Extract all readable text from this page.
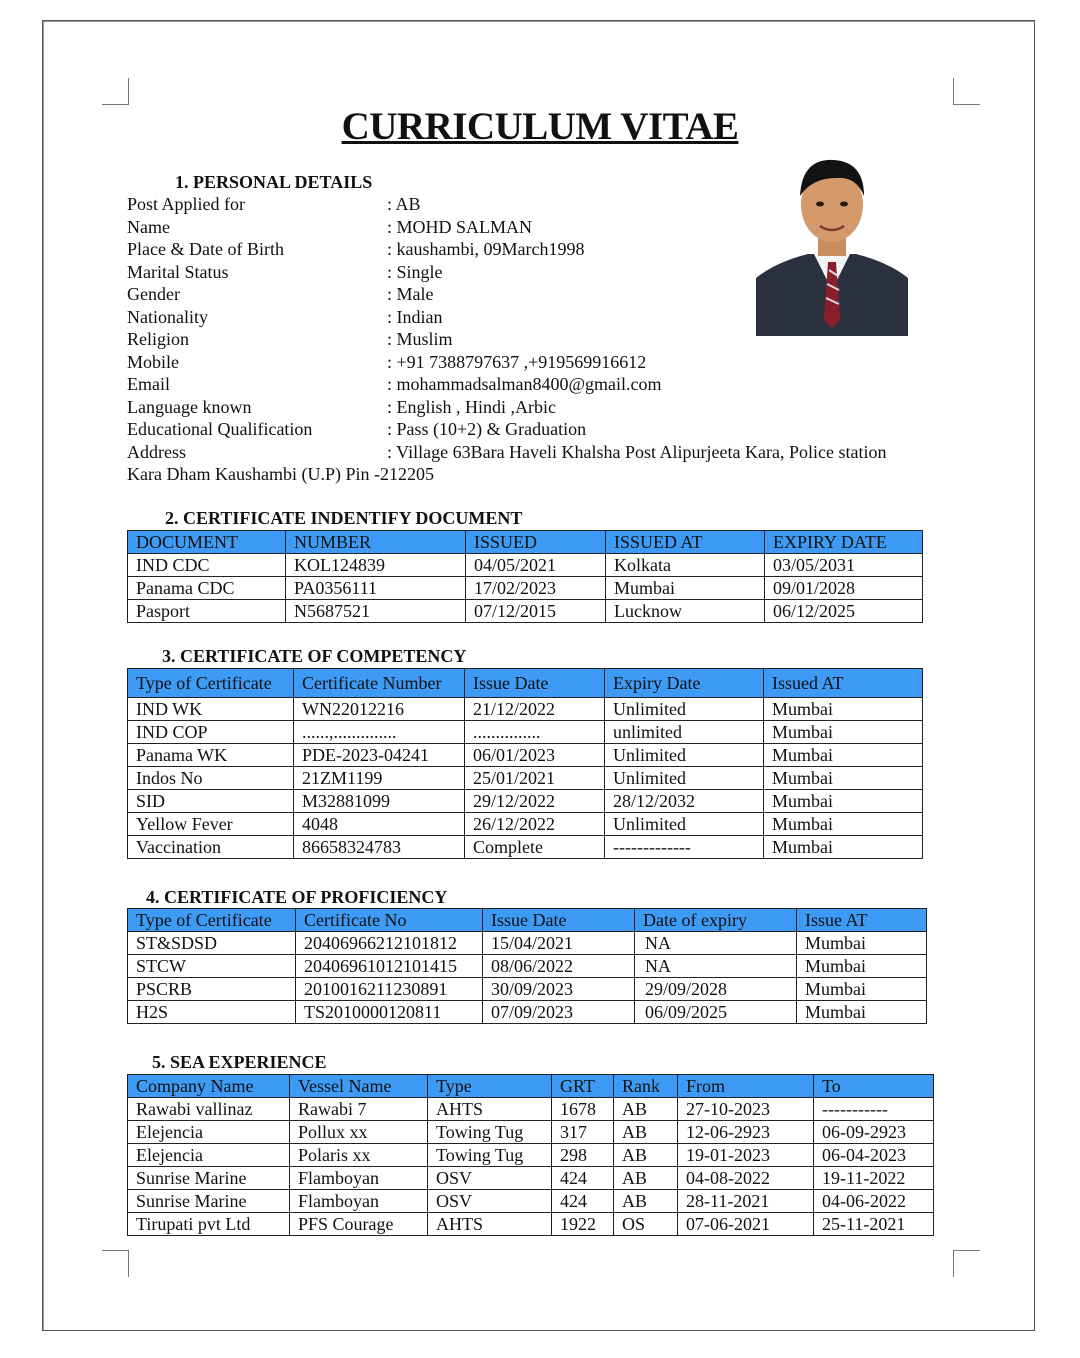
CURRICULUM VITAE
1. PERSONAL DETAILS
Post Applied for	: AB
Name	: MOHD SALMAN
Place & Date of Birth	: kaushambi, 09March1998
Marital Status	: Single
Gender	: Male
Nationality	: Indian
Religion	: Muslim
Mobile	: +91 7388797637 ,+919569916612
Email	: mohammadsalman8400@gmail.com
Language known	: English , Hindi ,Arbic
Educational Qualification	: Pass (10+2) & Graduation
Address	: Village 63Bara Haveli Khalsha Post Alipurjeeta Kara, Police station
Kara Dham Kaushambi (U.P) Pin -212205
2. CERTIFICATE INDENTIFY DOCUMENT
DOCUMENT	NUMBER	ISSUED	ISSUED AT	EXPIRY DATE
IND CDC	KOL124839	04/05/2021	Kolkata	03/05/2031
Panama CDC	PA0356111	17/02/2023	Mumbai	09/01/2028
Pasport	N5687521	07/12/2015	Lucknow	06/12/2025
3. CERTIFICATE OF COMPETENCY
Type of Certificate	Certificate Number	Issue Date	Expiry Date	Issued AT
IND WK	WN22012216	21/12/2022	Unlimited	Mumbai
IND COP	......,..............	...............	unlimited	Mumbai
Panama WK	PDE-2023-04241	06/01/2023	Unlimited	Mumbai
Indos No	21ZM1199	25/01/2021	Unlimited	Mumbai
SID	M32881099	29/12/2022	28/12/2032	Mumbai
Yellow Fever	4048	26/12/2022	Unlimited	Mumbai
Vaccination	86658324783	Complete	-------------	Mumbai
4. CERTIFICATE OF PROFICIENCY
Type of Certificate	Certificate No	Issue Date	Date of expiry	Issue AT
ST&SDSD	20406966212101812	15/04/2021	NA	Mumbai
STCW	20406961012101415	08/06/2022	NA	Mumbai
PSCRB	2010016211230891	30/09/2023	29/09/2028	Mumbai
H2S	TS2010000120811	07/09/2023	06/09/2025	Mumbai
5. SEA EXPERIENCE
Company Name	Vessel Name	Type	GRT	Rank	From	To
Rawabi vallinaz	Rawabi 7	AHTS	1678	AB	27-10-2023	-----------
Elejencia	Pollux xx	Towing Tug	317	AB	12-06-2923	06-09-2923
Elejencia	Polaris xx	Towing Tug	298	AB	19-01-2023	06-04-2023
Sunrise Marine	Flamboyan	OSV	424	AB	04-08-2022	19-11-2022
Sunrise Marine	Flamboyan	OSV	424	AB	28-11-2021	04-06-2022
Tirupati pvt Ltd	PFS Courage	AHTS	1922	OS	07-06-2021	25-11-2021
